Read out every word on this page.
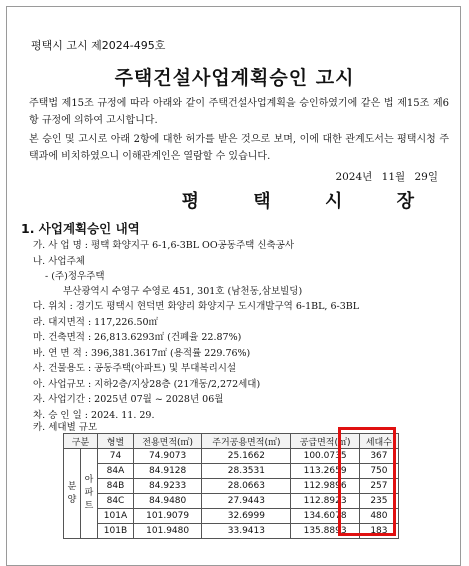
평택시 고시 제2024-495호
주택건설사업계획승인 고시
주택법 제15조 규정에 따라 아래와 같이 주택건설사업계획을 승인하였기에 같은 법 제15조 제6항 규정에 의하여 고시합니다.
본 승인 및 고시로 아래 2항에 대한 허가를 받은 것으로 보며, 이에 대한 관계도서는 평택시청 주택과에 비치하였으니 이해관계인은 열람할 수 있습니다.
2024년 11월 29일
평 택 시 장
1. 사업계획승인 내역
가. 사 업 명 : 평택 화양지구 6-1,6-3BL OO공동주택 신축공사
나. 사업주체
- (주)정우주택
부산광역시 수영구 수영로 451, 301호 (남천동,삼보빌딩)
다. 위치 : 경기도 평택시 현덕면 화양리 화양지구 도시개발구역 6-1BL, 6-3BL
라. 대지면적 : 117,226.50㎡
마. 건축면적 : 26,813.6293㎡ (건폐율 22.87%)
바. 연 면 적 : 396,381.3617㎡ (용적률 229.76%)
사. 건물용도 : 공동주택(아파트) 및 부대복리시설
아. 사업규모 : 지하2층/지상28층 (21개동/2,272세대)
자. 사업기간 : 2025년 07월 ~ 2028년 06월
차. 승 인 일 : 2024. 11. 29.
카. 세대별 규모
구분		형별	전용면적(㎡)	주거공용면적(㎡)	공급면적(㎡)	세대수
분양	아파트	74	74.9073	25.1662	100.0735	367
		84A	84.9128	28.3531	113.2659	750
		84B	84.9233	28.0663	112.9896	257
		84C	84.9480	27.9443	112.8923	235
		101A	101.9079	32.6999	134.6078	480
		101B	101.9480	33.9413	135.8893	183
